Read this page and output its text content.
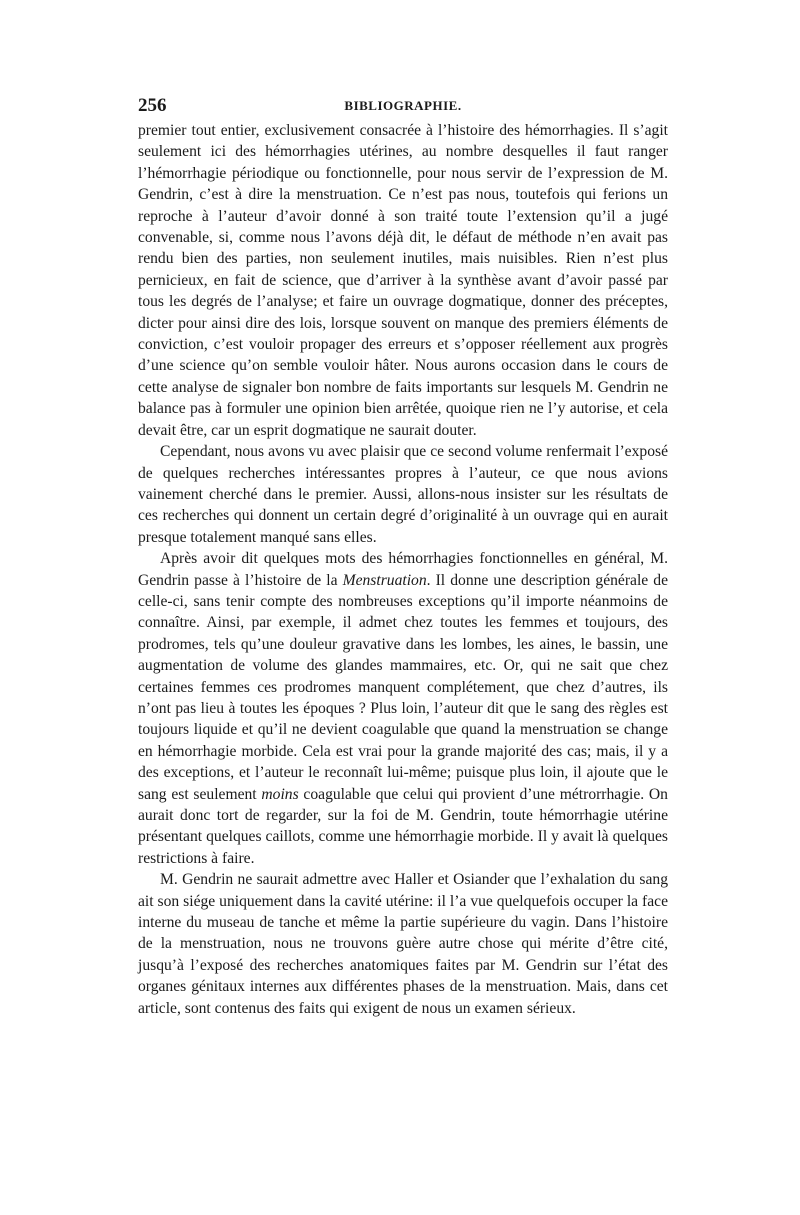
256	BIBLIOGRAPHIE.

premier tout entier, exclusivement consacrée à l’histoire des hémorrhagies. Il s’agit seulement ici des hémorrhagies utérines, au nombre desquelles il faut ranger l’hémorrhagie périodique ou fonctionnelle, pour nous servir de l’expression de M. Gendrin, c’est à dire la menstruation. Ce n’est pas nous, toutefois qui ferions un reproche à l’auteur d’avoir donné à son traité toute l’extension qu’il a jugé convenable, si, comme nous l’avons déjà dit, le défaut de méthode n’en avait pas rendu bien des parties, non seulement inutiles, mais nuisibles. Rien n’est plus pernicieux, en fait de science, que d’arriver à la synthèse avant d’avoir passé par tous les degrés de l’analyse; et faire un ouvrage dogmatique, donner des préceptes, dicter pour ainsi dire des lois, lorsque souvent on manque des premiers éléments de conviction, c’est vouloir propager des erreurs et s’opposer réellement aux progrès d’une science qu’on semble vouloir hâter. Nous aurons occasion dans le cours de cette analyse de signaler bon nombre de faits importants sur lesquels M. Gendrin ne balance pas à formuler une opinion bien arrêtée, quoique rien ne l’y autorise, et cela devait être, car un esprit dogmatique ne saurait douter.

Cependant, nous avons vu avec plaisir que ce second volume renfermait l’exposé de quelques recherches intéressantes propres à l’auteur, ce que nous avions vainement cherché dans le premier. Aussi, allons-nous insister sur les résultats de ces recherches qui donnent un certain degré d’originalité à un ouvrage qui en aurait presque totalement manqué sans elles.

Après avoir dit quelques mots des hémorrhagies fonctionnelles en général, M. Gendrin passe à l’histoire de la Menstruation. Il donne une description générale de celle-ci, sans tenir compte des nombreuses exceptions qu’il importe néanmoins de connaître. Ainsi, par exemple, il admet chez toutes les femmes et toujours, des prodromes, tels qu’une douleur gravative dans les lombes, les aines, le bassin, une augmentation de volume des glandes mammaires, etc. Or, qui ne sait que chez certaines femmes ces prodromes manquent complétement, que chez d’autres, ils n’ont pas lieu à toutes les époques ? Plus loin, l’auteur dit que le sang des règles est toujours liquide et qu’il ne devient coagulable que quand la menstruation se change en hémorrhagie morbide. Cela est vrai pour la grande majorité des cas; mais, il y a des exceptions, et l’auteur le reconnaît lui-même; puisque plus loin, il ajoute que le sang est seulement moins coagulable que celui qui provient d’une métrorrhagie. On aurait donc tort de regarder, sur la foi de M. Gendrin, toute hémorrhagie utérine présentant quelques caillots, comme une hémorrhagie morbide. Il y avait là quelques restrictions à faire.

M. Gendrin ne saurait admettre avec Haller et Osiander que l’exhalation du sang ait son siége uniquement dans la cavité utérine: il l’a vue quelquefois occuper la face interne du museau de tanche et même la partie supérieure du vagin. Dans l’histoire de la menstruation, nous ne trouvons guère autre chose qui mérite d’être cité, jusqu’à l’exposé des recherches anatomiques faites par M. Gendrin sur l’état des organes génitaux internes aux différentes phases de la menstruation. Mais, dans cet article, sont contenus des faits qui exigent de nous un examen sérieux.
